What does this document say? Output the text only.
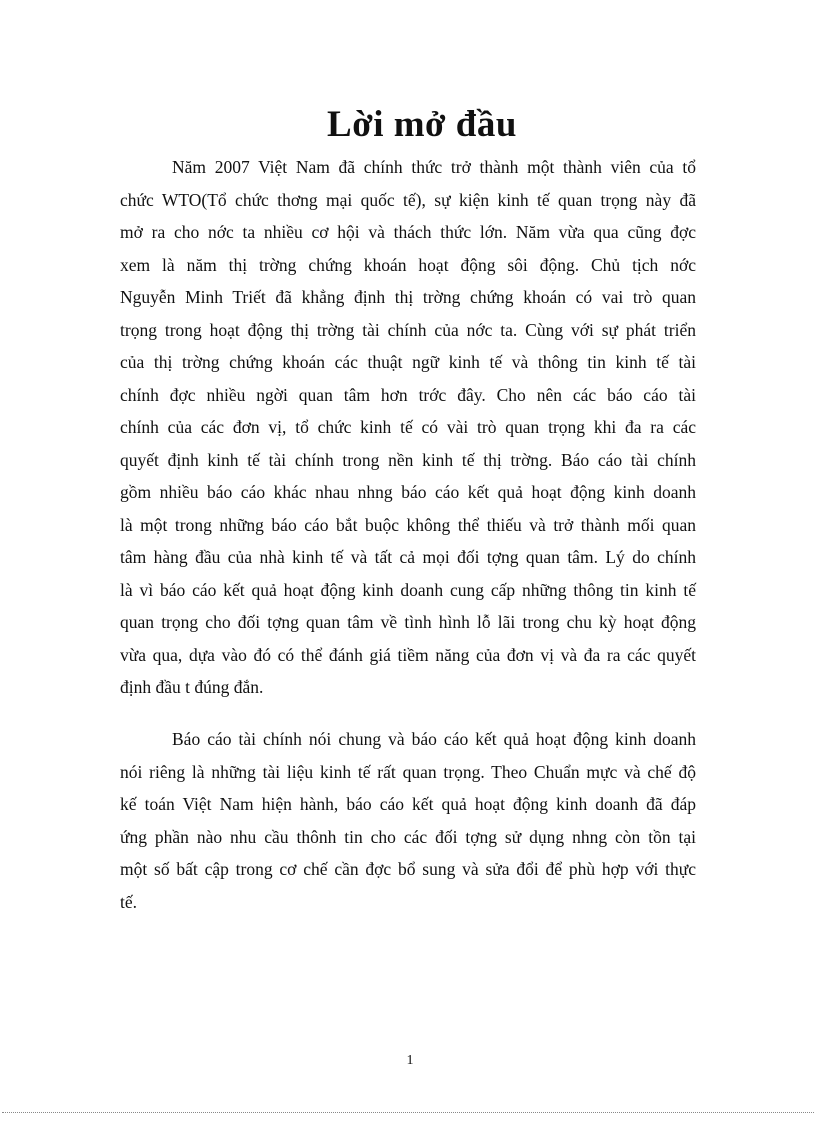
Lời mở đầu
Năm 2007 Việt Nam đã chính thức trở thành một thành viên của tổ
chức WTO(Tổ chức thơng mại quốc tế), sự kiện kinh tế quan trọng này đã
mở ra cho nớc ta nhiều cơ hội và thách thức lớn. Năm vừa qua cũng đợc
xem là năm thị trờng chứng khoán hoạt động sôi động. Chủ tịch nớc
Nguyễn Minh Triết đã khẳng định thị trờng chứng khoán có vai trò quan
trọng trong hoạt động thị trờng tài chính của nớc ta. Cùng với sự phát triển
của thị trờng chứng khoán các thuật ngữ kinh tế và thông tin kinh tế tài
chính đợc nhiều ngời quan tâm hơn trớc đây. Cho nên các báo cáo tài
chính của các đơn vị, tổ chức kinh tế có vài trò quan trọng khi đa ra các
quyết định kinh tế tài chính trong nền kinh tế thị trờng. Báo cáo tài chính
gồm nhiều báo cáo khác nhau nhng báo cáo kết quả hoạt động kinh doanh
là một trong những báo cáo bắt buộc không thể thiếu và trở thành mối quan
tâm hàng đầu của nhà kinh tế và tất cả mọi đối tợng quan tâm. Lý do chính
là vì báo cáo kết quả hoạt động kinh doanh cung cấp những thông tin kinh tế
quan trọng cho đối tợng quan tâm về tình hình lỗ lãi trong chu kỳ hoạt động
vừa qua, dựa vào đó có thể đánh giá tiềm năng của đơn vị và đa ra các quyết
định đầu t đúng đắn.
Báo cáo tài chính nói chung và báo cáo kết quả hoạt động kinh doanh
nói riêng là những tài liệu kinh tế rất quan trọng. Theo Chuẩn mực và chế độ
kế toán Việt Nam hiện hành, báo cáo kết quả hoạt động kinh doanh đã đáp
ứng phần nào nhu cầu thônh tin cho các đối tợng sử dụng nhng còn tồn tại
một số bất cập trong cơ chế cần đợc bổ sung và sửa đổi để phù hợp với thực
tế.
1
